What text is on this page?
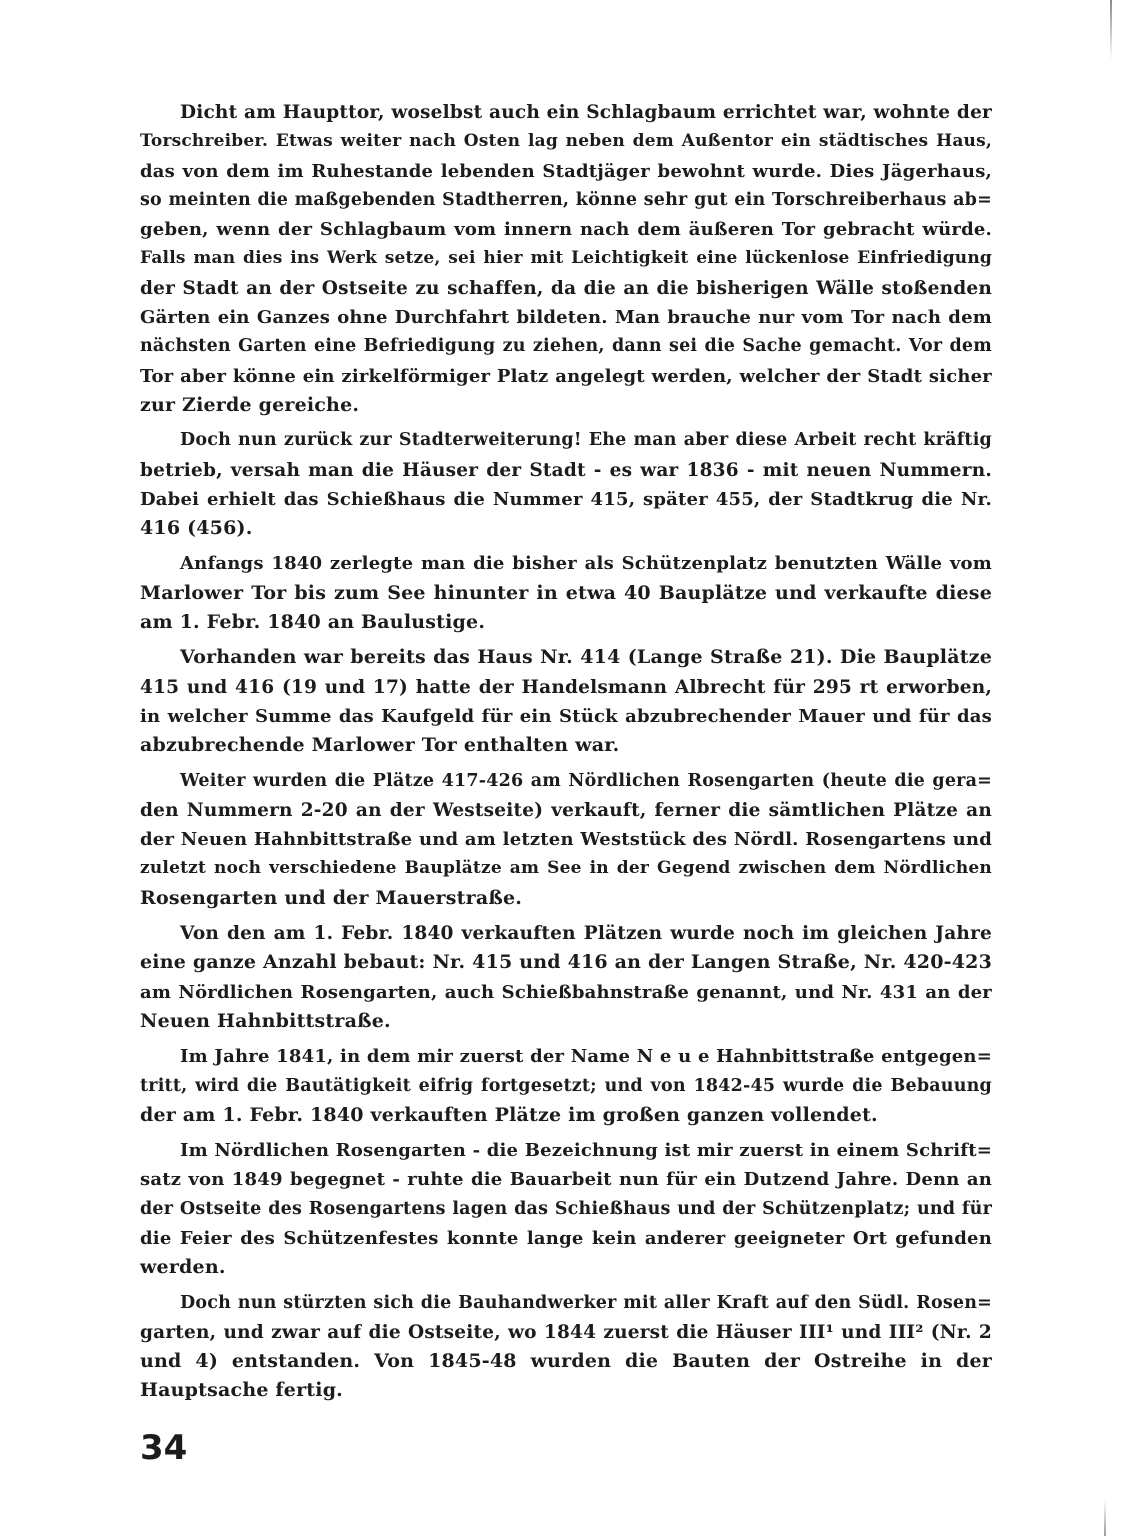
Dicht am Haupttor, woselbst auch ein Schlagbaum errichtet war, wohnte der
Torschreiber. Etwas weiter nach Osten lag neben dem Außentor ein städtisches Haus,
das von dem im Ruhestande lebenden Stadtjäger bewohnt wurde. Dies Jägerhaus,
so meinten die maßgebenden Stadtherren, könne sehr gut ein Torschreiberhaus ab=
geben, wenn der Schlagbaum vom innern nach dem äußeren Tor gebracht würde.
Falls man dies ins Werk setze, sei hier mit Leichtigkeit eine lückenlose Einfriedigung
der Stadt an der Ostseite zu schaffen, da die an die bisherigen Wälle stoßenden
Gärten ein Ganzes ohne Durchfahrt bildeten. Man brauche nur vom Tor nach dem
nächsten Garten eine Befriedigung zu ziehen, dann sei die Sache gemacht. Vor dem
Tor aber könne ein zirkelförmiger Platz angelegt werden, welcher der Stadt sicher
zur Zierde gereiche.
Doch nun zurück zur Stadterweiterung! Ehe man aber diese Arbeit recht kräftig
betrieb, versah man die Häuser der Stadt - es war 1836 - mit neuen Nummern.
Dabei erhielt das Schießhaus die Nummer 415, später 455, der Stadtkrug die Nr.
416 (456).
Anfangs 1840 zerlegte man die bisher als Schützenplatz benutzten Wälle vom
Marlower Tor bis zum See hinunter in etwa 40 Bauplätze und verkaufte diese
am 1. Febr. 1840 an Baulustige.
Vorhanden war bereits das Haus Nr. 414 (Lange Straße 21). Die Bauplätze
415 und 416 (19 und 17) hatte der Handelsmann Albrecht für 295 rt erworben,
in welcher Summe das Kaufgeld für ein Stück abzubrechender Mauer und für das
abzubrechende Marlower Tor enthalten war.
Weiter wurden die Plätze 417-426 am Nördlichen Rosengarten (heute die gera=
den Nummern 2-20 an der Westseite) verkauft, ferner die sämtlichen Plätze an
der Neuen Hahnbittstraße und am letzten Weststück des Nördl. Rosengartens und
zuletzt noch verschiedene Bauplätze am See in der Gegend zwischen dem Nördlichen
Rosengarten und der Mauerstraße.
Von den am 1. Febr. 1840 verkauften Plätzen wurde noch im gleichen Jahre
eine ganze Anzahl bebaut: Nr. 415 und 416 an der Langen Straße, Nr. 420-423
am Nördlichen Rosengarten, auch Schießbahnstraße genannt, und Nr. 431 an der
Neuen Hahnbittstraße.
Im Jahre 1841, in dem mir zuerst der Name N e u e Hahnbittstraße entgegen=
tritt, wird die Bautätigkeit eifrig fortgesetzt; und von 1842-45 wurde die Bebauung
der am 1. Febr. 1840 verkauften Plätze im großen ganzen vollendet.
Im Nördlichen Rosengarten - die Bezeichnung ist mir zuerst in einem Schrift=
satz von 1849 begegnet - ruhte die Bauarbeit nun für ein Dutzend Jahre. Denn an
der Ostseite des Rosengartens lagen das Schießhaus und der Schützenplatz; und für
die Feier des Schützenfestes konnte lange kein anderer geeigneter Ort gefunden
werden.
Doch nun stürzten sich die Bauhandwerker mit aller Kraft auf den Südl. Rosen=
garten, und zwar auf die Ostseite, wo 1844 zuerst die Häuser III¹ und III² (Nr. 2
und 4) entstanden. Von 1845-48 wurden die Bauten der Ostreihe in der
Hauptsache fertig.
34
